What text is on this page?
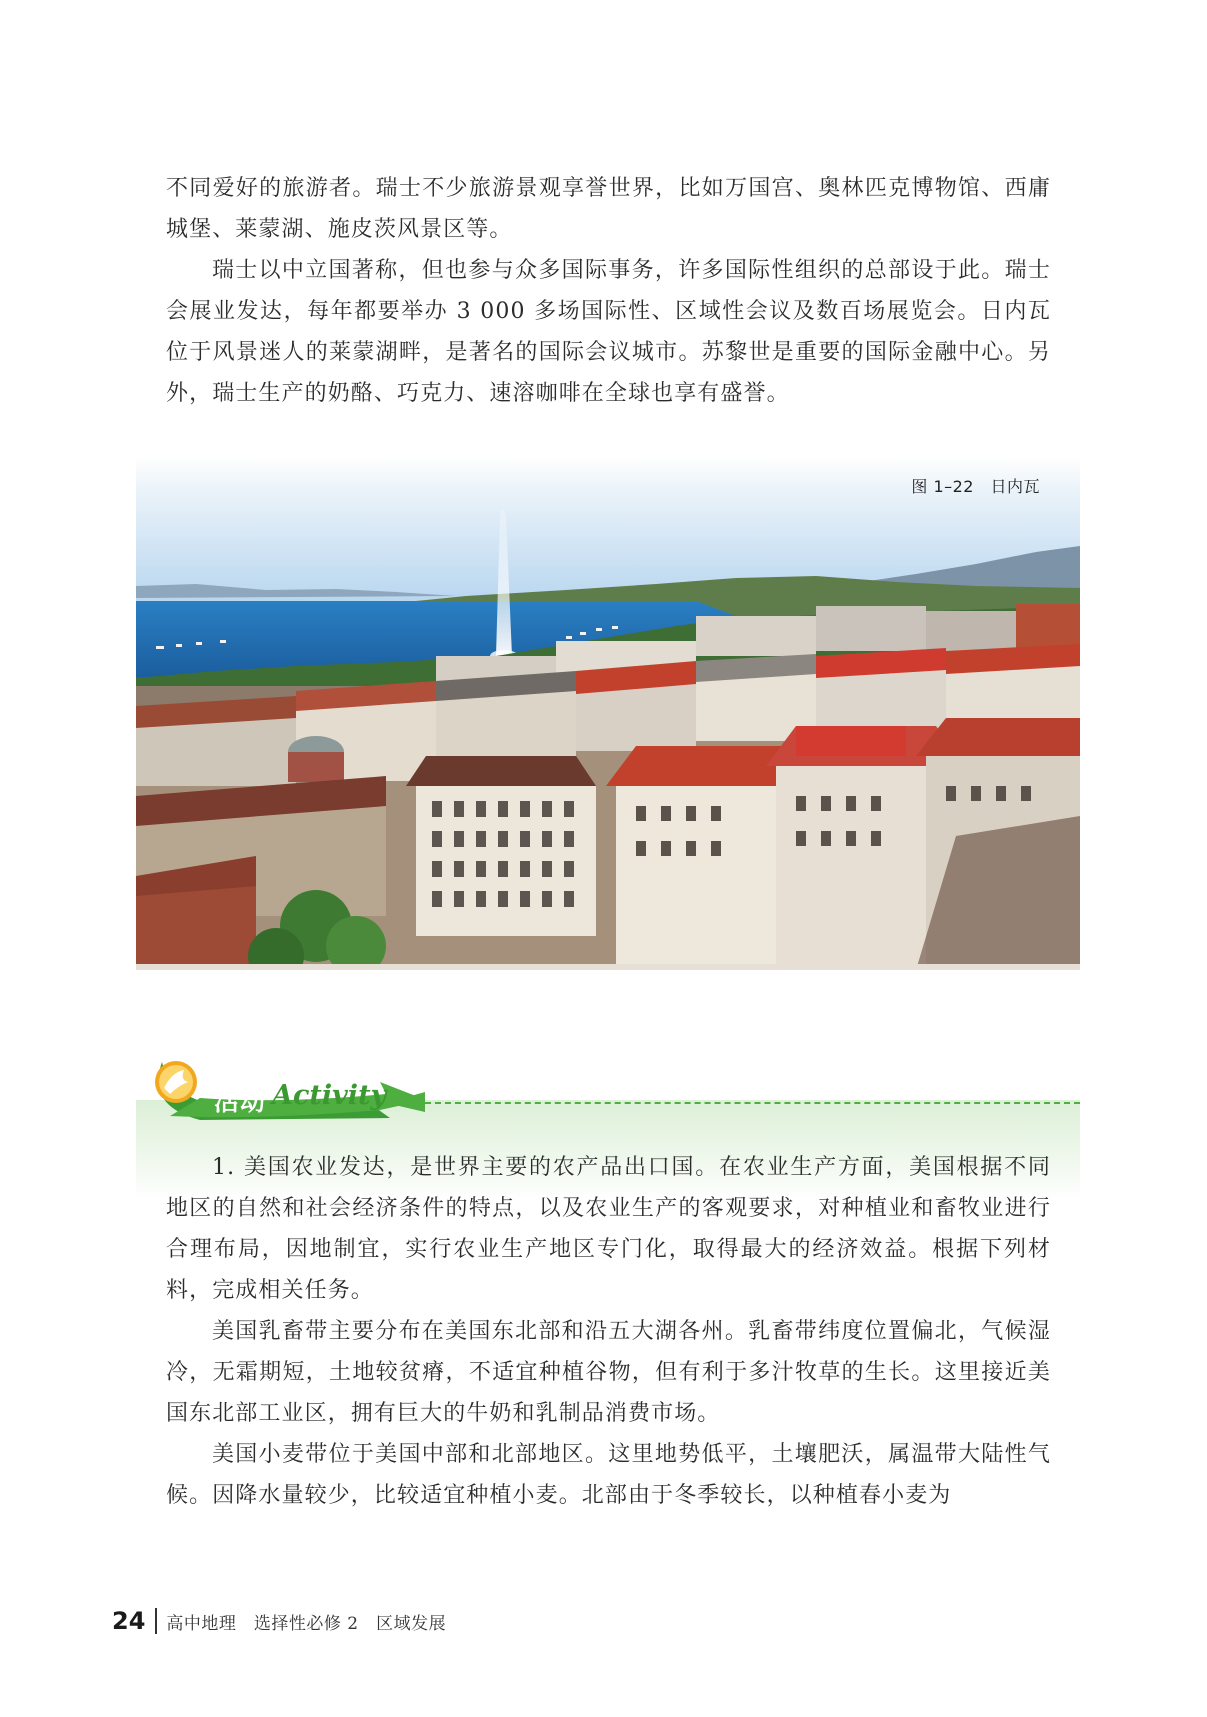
不同爱好的旅游者。瑞士不少旅游景观享誉世界，比如万国宫、奥林匹克博物馆、西庸城堡、莱蒙湖、施皮茨风景区等。

瑞士以中立国著称，但也参与众多国际事务，许多国际性组织的总部设于此。瑞士会展业发达，每年都要举办 3 000 多场国际性、区域性会议及数百场展览会。日内瓦位于风景迷人的莱蒙湖畔，是著名的国际会议城市。苏黎世是重要的国际金融中心。另外，瑞士生产的奶酪、巧克力、速溶咖啡在全球也享有盛誉。

图 1–22　日内瓦
活动 Activity

1. 美国农业发达，是世界主要的农产品出口国。在农业生产方面，美国根据不同地区的自然和社会经济条件的特点，以及农业生产的客观要求，对种植业和畜牧业进行合理布局，因地制宜，实行农业生产地区专门化，取得最大的经济效益。根据下列材料，完成相关任务。

美国乳畜带主要分布在美国东北部和沿五大湖各州。乳畜带纬度位置偏北，气候湿冷，无霜期短，土地较贫瘠，不适宜种植谷物，但有利于多汁牧草的生长。这里接近美国东北部工业区，拥有巨大的牛奶和乳制品消费市场。

美国小麦带位于美国中部和北部地区。这里地势低平，土壤肥沃，属温带大陆性气候。因降水量较少，比较适宜种植小麦。北部由于冬季较长，以种植春小麦为

24 高中地理　选择性必修 2　区域发展
